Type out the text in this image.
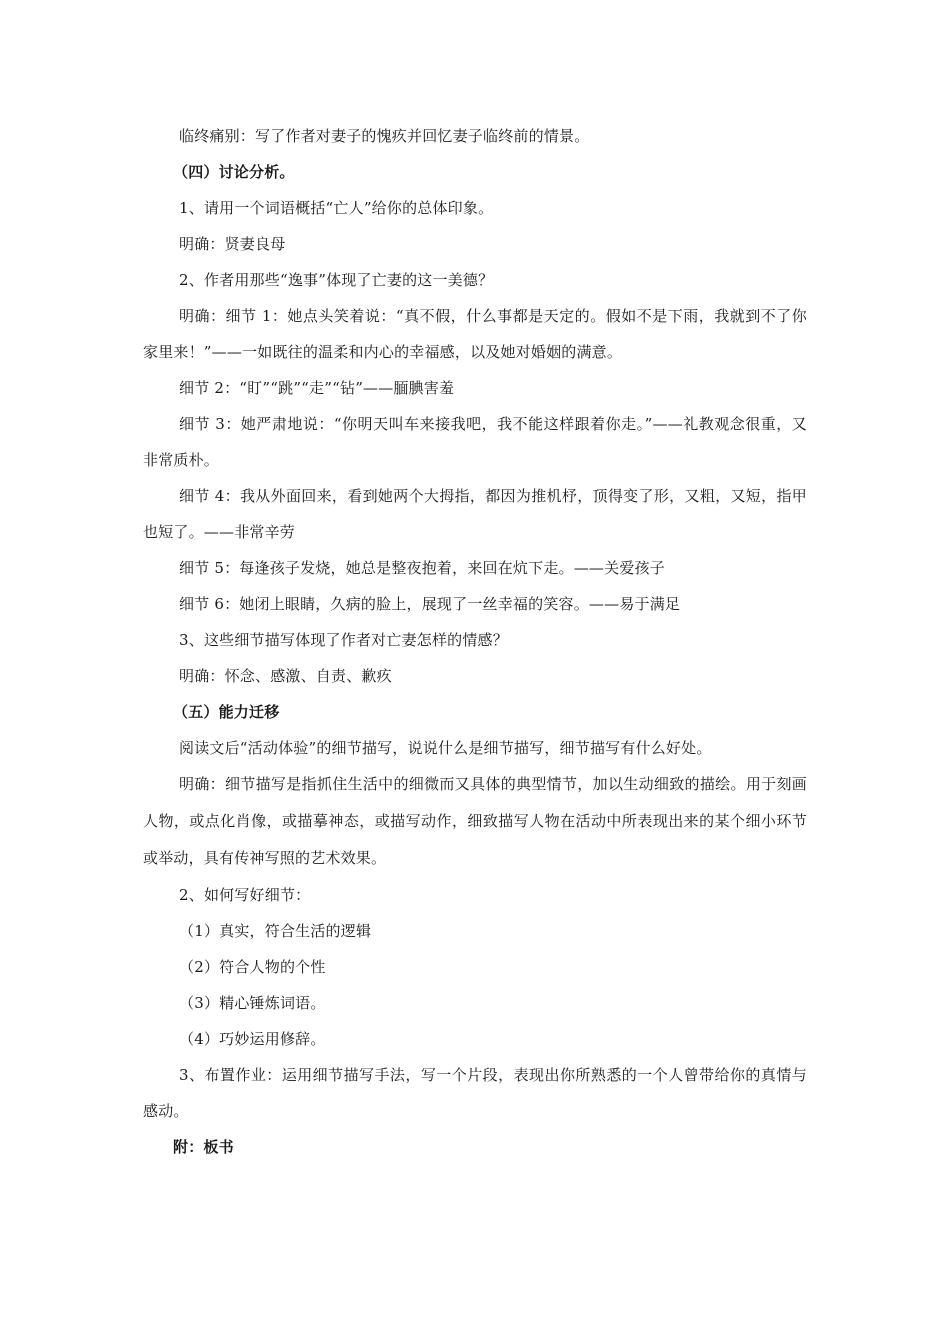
临终痛别：写了作者对妻子的愧疚并回忆妻子临终前的情景。

（四）讨论分析。

1、请用一个词语概括“亡人”给你的总体印象。

明确：贤妻良母

2、作者用那些“逸事”体现了亡妻的这一美德？

明确：细节 1：她点头笑着说：“真不假，什么事都是天定的。假如不是下雨，我就到不了你家里来！”——一如既往的温柔和内心的幸福感，以及她对婚姻的满意。

细节 2：“盯”“跳”“走”“钻”——腼腆害羞

细节 3：她严肃地说：“你明天叫车来接我吧，我不能这样跟着你走。”——礼教观念很重，又非常质朴。

细节 4：我从外面回来，看到她两个大拇指，都因为推机杼，顶得变了形，又粗，又短，指甲也短了。——非常辛劳

细节 5：每逢孩子发烧，她总是整夜抱着，来回在炕下走。——关爱孩子

细节 6：她闭上眼睛，久病的脸上，展现了一丝幸福的笑容。——易于满足

3、这些细节描写体现了作者对亡妻怎样的情感？

明确：怀念、感激、自责、歉疚

（五）能力迁移

阅读文后“活动体验”的细节描写，说说什么是细节描写，细节描写有什么好处。

明确：细节描写是指抓住生活中的细微而又具体的典型情节，加以生动细致的描绘。用于刻画人物，或点化肖像，或描摹神态，或描写动作，细致描写人物在活动中所表现出来的某个细小环节或举动，具有传神写照的艺术效果。

2、如何写好细节：

（1）真实，符合生活的逻辑

（2）符合人物的个性

（3）精心锤炼词语。

（4）巧妙运用修辞。

3、布置作业：运用细节描写手法，写一个片段，表现出你所熟悉的一个人曾带给你的真情与感动。

附：板书
